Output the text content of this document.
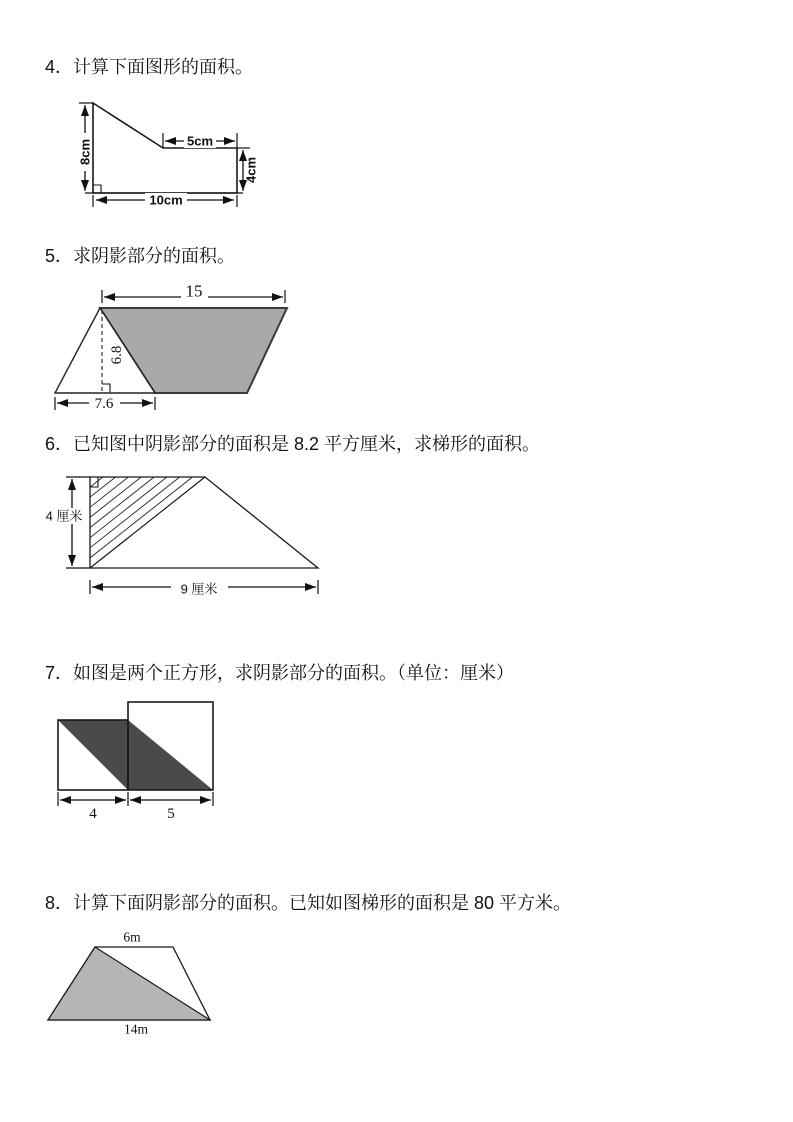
4．计算下面图形的面积。
8cm	5cm
4cm
10cm
5．求阴影部分的面积。
15
6.8
7.6
6．已知图中阴影部分的面积是 8.2 平方厘米，求梯形的面积。
4 厘米
9 厘米
7．如图是两个正方形，求阴影部分的面积。（单位：厘米）
4	5
8．计算下面阴影部分的面积。已知如图梯形的面积是 80 平方米。
6m
14m
